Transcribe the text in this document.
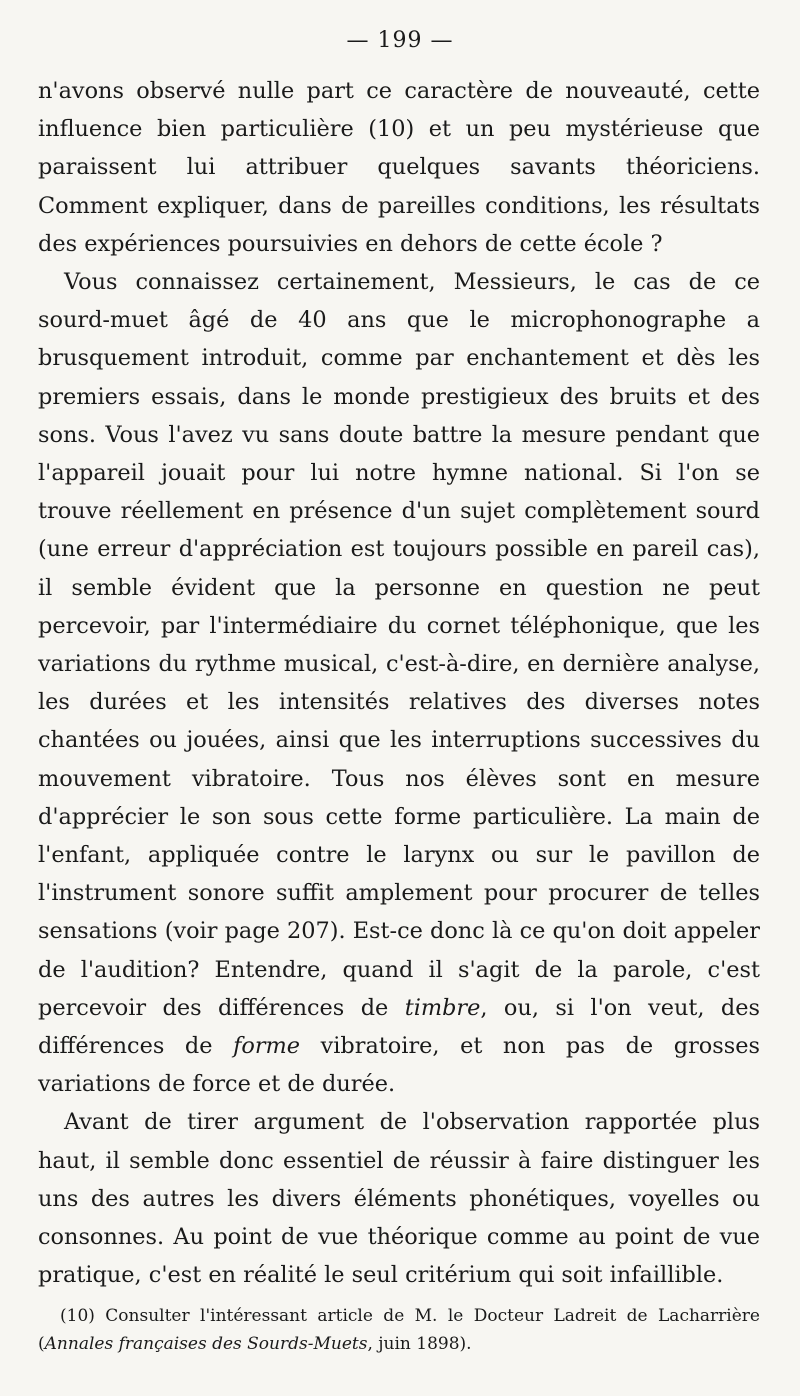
— 199 —

n'avons observé nulle part ce caractère de nouveauté, cette influence bien particulière (10) et un peu mystérieuse que paraissent lui attribuer quelques savants théoriciens. Comment expliquer, dans de pareilles conditions, les résultats des expériences poursuivies en dehors de cette école ?

Vous connaissez certainement, Messieurs, le cas de ce sourd-muet âgé de 40 ans que le microphonographe a brusquement introduit, comme par enchantement et dès les premiers essais, dans le monde prestigieux des bruits et des sons. Vous l'avez vu sans doute battre la mesure pendant que l'appareil jouait pour lui notre hymne national. Si l'on se trouve réellement en présence d'un sujet complètement sourd (une erreur d'appréciation est toujours possible en pareil cas), il semble évident que la personne en question ne peut percevoir, par l'intermédiaire du cornet téléphonique, que les variations du rythme musical, c'est-à-dire, en dernière analyse, les durées et les intensités relatives des diverses notes chantées ou jouées, ainsi que les interruptions successives du mouvement vibratoire. Tous nos élèves sont en mesure d'apprécier le son sous cette forme particulière. La main de l'enfant, appliquée contre le larynx ou sur le pavillon de l'instrument sonore suffit amplement pour procurer de telles sensations (voir page 207). Est-ce donc là ce qu'on doit appeler de l'audition? Entendre, quand il s'agit de la parole, c'est percevoir des différences de timbre, ou, si l'on veut, des différences de forme vibratoire, et non pas de grosses variations de force et de durée.

Avant de tirer argument de l'observation rapportée plus haut, il semble donc essentiel de réussir à faire distinguer les uns des autres les divers éléments phonétiques, voyelles ou consonnes. Au point de vue théorique comme au point de vue pratique, c'est en réalité le seul critérium qui soit infaillible.

(10) Consulter l'intéressant article de M. le Docteur Ladreit de Lacharrière (Annales françaises des Sourds-Muets, juin 1898).
